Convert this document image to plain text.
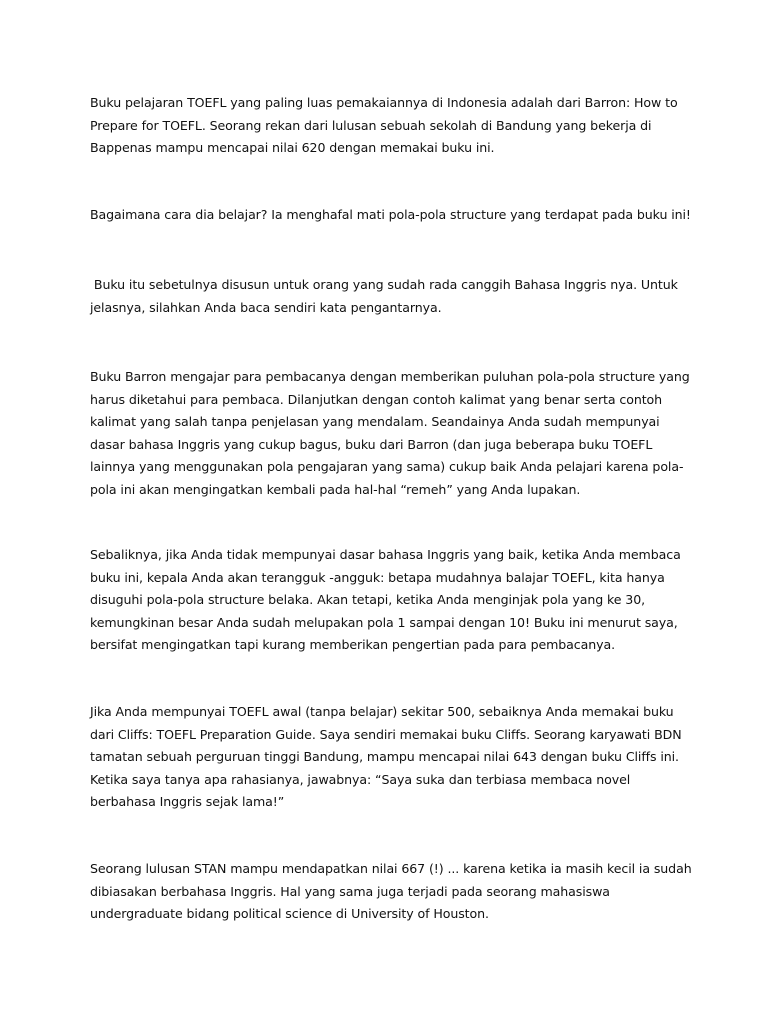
Buku pelajaran TOEFL yang paling luas pemakaiannya di Indonesia adalah dari Barron: How to
Prepare for TOEFL. Seorang rekan dari lulusan sebuah sekolah di Bandung yang bekerja di
Bappenas mampu mencapai nilai 620 dengan memakai buku ini.

Bagaimana cara dia belajar? Ia menghafal mati pola-pola structure yang terdapat pada buku ini!

Buku itu sebetulnya disusun untuk orang yang sudah rada canggih Bahasa Inggris nya. Untuk
jelasnya, silahkan Anda baca sendiri kata pengantarnya.

Buku Barron mengajar para pembacanya dengan memberikan puluhan pola-pola structure yang
harus diketahui para pembaca. Dilanjutkan dengan contoh kalimat yang benar serta contoh
kalimat yang salah tanpa penjelasan yang mendalam. Seandainya Anda sudah mempunyai
dasar bahasa Inggris yang cukup bagus, buku dari Barron (dan juga beberapa buku TOEFL
lainnya yang menggunakan pola pengajaran yang sama) cukup baik Anda pelajari karena pola-
pola ini akan mengingatkan kembali pada hal-hal “remeh” yang Anda lupakan.

Sebaliknya, jika Anda tidak mempunyai dasar bahasa Inggris yang baik, ketika Anda membaca
buku ini, kepala Anda akan terangguk -angguk: betapa mudahnya balajar TOEFL, kita hanya
disuguhi pola-pola structure belaka. Akan tetapi, ketika Anda menginjak pola yang ke 30,
kemungkinan besar Anda sudah melupakan pola 1 sampai dengan 10! Buku ini menurut saya,
bersifat mengingatkan tapi kurang memberikan pengertian pada para pembacanya.

Jika Anda mempunyai TOEFL awal (tanpa belajar) sekitar 500, sebaiknya Anda memakai buku
dari Cliffs: TOEFL Preparation Guide. Saya sendiri memakai buku Cliffs. Seorang karyawati BDN
tamatan sebuah perguruan tinggi Bandung, mampu mencapai nilai 643 dengan buku Cliffs ini.
Ketika saya tanya apa rahasianya, jawabnya: “Saya suka dan terbiasa membaca novel
berbahasa Inggris sejak lama!”

Seorang lulusan STAN mampu mendapatkan nilai 667 (!) ... karena ketika ia masih kecil ia sudah
dibiasakan berbahasa Inggris. Hal yang sama juga terjadi pada seorang mahasiswa
undergraduate bidang political science di University of Houston.
